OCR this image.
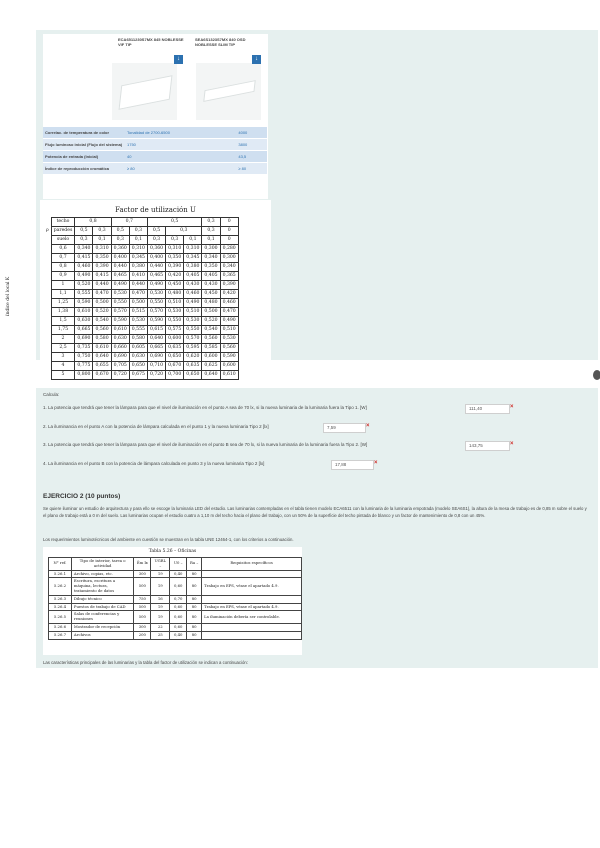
ECA6511230S7MX 845 NOBLESSE VIF TIP
SEA6S1323S7MX 840 OSD NOBLESSE SLIM TIP
↓	↓
Correlac. de temperatura de color	Tonalidad de 2700-6500	4000
Flujo luminoso inicial (Flujo del sistema)	1750	3800
Potencia de entrada (Inicial)	40	43,5
Índice de reproducción cromática	≥ 80	≥ 80
Factor de utilización U
	techo	0,8		0,7		0,5			0,3	0
ρ	paredes	0,5	0,3	0,5	0,3	0,5	0,3		0,3	0
	suelo	0,3	0,1	0,3	0,1	0,3	0,3	0,1	0,1	0
	0,6	0,340	0,310	0,360	0,310	0,360	0,310	0,310	0,300	0,280
	0,7	0,415	0,350	0,400	0,345	0,400	0,350	0,345	0,340	0,300
	0,8	0,460	0,390	0,440	0,380	0,440	0,390	0,380	0,350	0,340
	0,9	0,490	0,415	0,465	0,410	0,465	0,420	0,405	0,405	0,365
	1	0,520	0,440	0,490	0,440	0,490	0,450	0,430	0,430	0,390
	1,1	0,555	0,470	0,530	0,470	0,530	0,480	0,460	0,450	0,420
	1,25	0,590	0,500	0,550	0,500	0,550	0,510	0,490	0,480	0,460
	1,38	0,610	0,520	0,570	0,515	0,570	0,530	0,510	0,500	0,470
	1,5	0,630	0,540	0,590	0,530	0,590	0,550	0,530	0,520	0,490
	1,75	0,665	0,560	0,610	0,555	0,615	0,575	0,550	0,540	0,510
	2	0,690	0,580	0,630	0,580	0,640	0,600	0,570	0,560	0,530
	2,5	0,735	0,610	0,660	0,605	0,665	0,635	0,595	0,585	0,560
	3	0,750	0,640	0,690	0,630	0,690	0,650	0,620	0,600	0,590
	4	0,775	0,655	0,705	0,650	0,710	0,670	0,635	0,625	0,600
	5	0,800	0,670	0,720	0,675	0,720	0,700	0,650	0,640	0,610
índice del local K
Calcula:
1. La potencia que tendrá que tener la lámpara para que el nivel de iluminación en el punto A sea de 70 lx, si la nueva luminaria de la luminaria fuera la Tipo 1. [W]	111,40	×
2. La iluminancia en el punto A con la potencia de lámpara calculada en el punto 1 y la nueva luminaria Tipo 2 [lx]	7,59	×
3. La potencia que tendrá que tener la lámpara para que el nivel de iluminación en el punto B sea de 70 lx, si la nueva luminaria de la luminaria fuera la Tipo 2. [W]	143,75	×
4. La iluminancia en el punto B con la potencia de lámpara calculada en punto 3 y la nueva luminaria Tipo 2 [lx]	17,88	×
EJERCICIO 2 (10 puntos)
Se quiere iluminar un estudio de arquitectura y para ello se escoge la luminaria LED del estudio. Las luminarias contempladas en el tabla tienen modelo ECA6511 con la luminaria de la luminaria empotrada (modelo SEA6S1), la altura de la mesa de trabajo es de 0,85 m sobre el suelo y el plano de trabajo está a 0 m del suelo. Las luminarias ocupan el estudio cuatro a 1,10 m del techo hacia el plano del trabajo, con un 50% de la superficie del techo pintada de blanco y un factor de mantenimiento de 0,8 con un 45%.
Los requerimientos luminotécnicos del ambiente en cuestión se muestran en la tabla UNE 12464-1, con los criterios a continuación.
Tabla 5.26 – Oficinas
N° ref.	Tipo de interior, tarea o actividad	Ēm lx	UGRL –	U0 –	Ra –	Requisitos específicos
5.26.1	Archivo, copias, etc.	300	19	0,40	80	
5.26.2	Escritura, escritura a máquina, lectura, tratamiento de datos	500	19	0,60	80	Trabajo en EPS, véase el apartado 4.9.
5.26.3	Dibujo técnico	750	16	0,70	80	
5.26.4	Puestos de trabajo de CAD	500	19	0,60	80	Trabajo en EPS, véase el apartado 4.9.
5.26.5	Salas de conferencias y reuniones	500	19	0,60	80	La iluminación debería ser controlable.
5.26.6	Mostrador de recepción	300	22	0,60	80	
5.26.7	Archivos	200	25	0,40	80	
Las características principales de las luminarias y la tabla del factor de utilización se indican a continuación:
